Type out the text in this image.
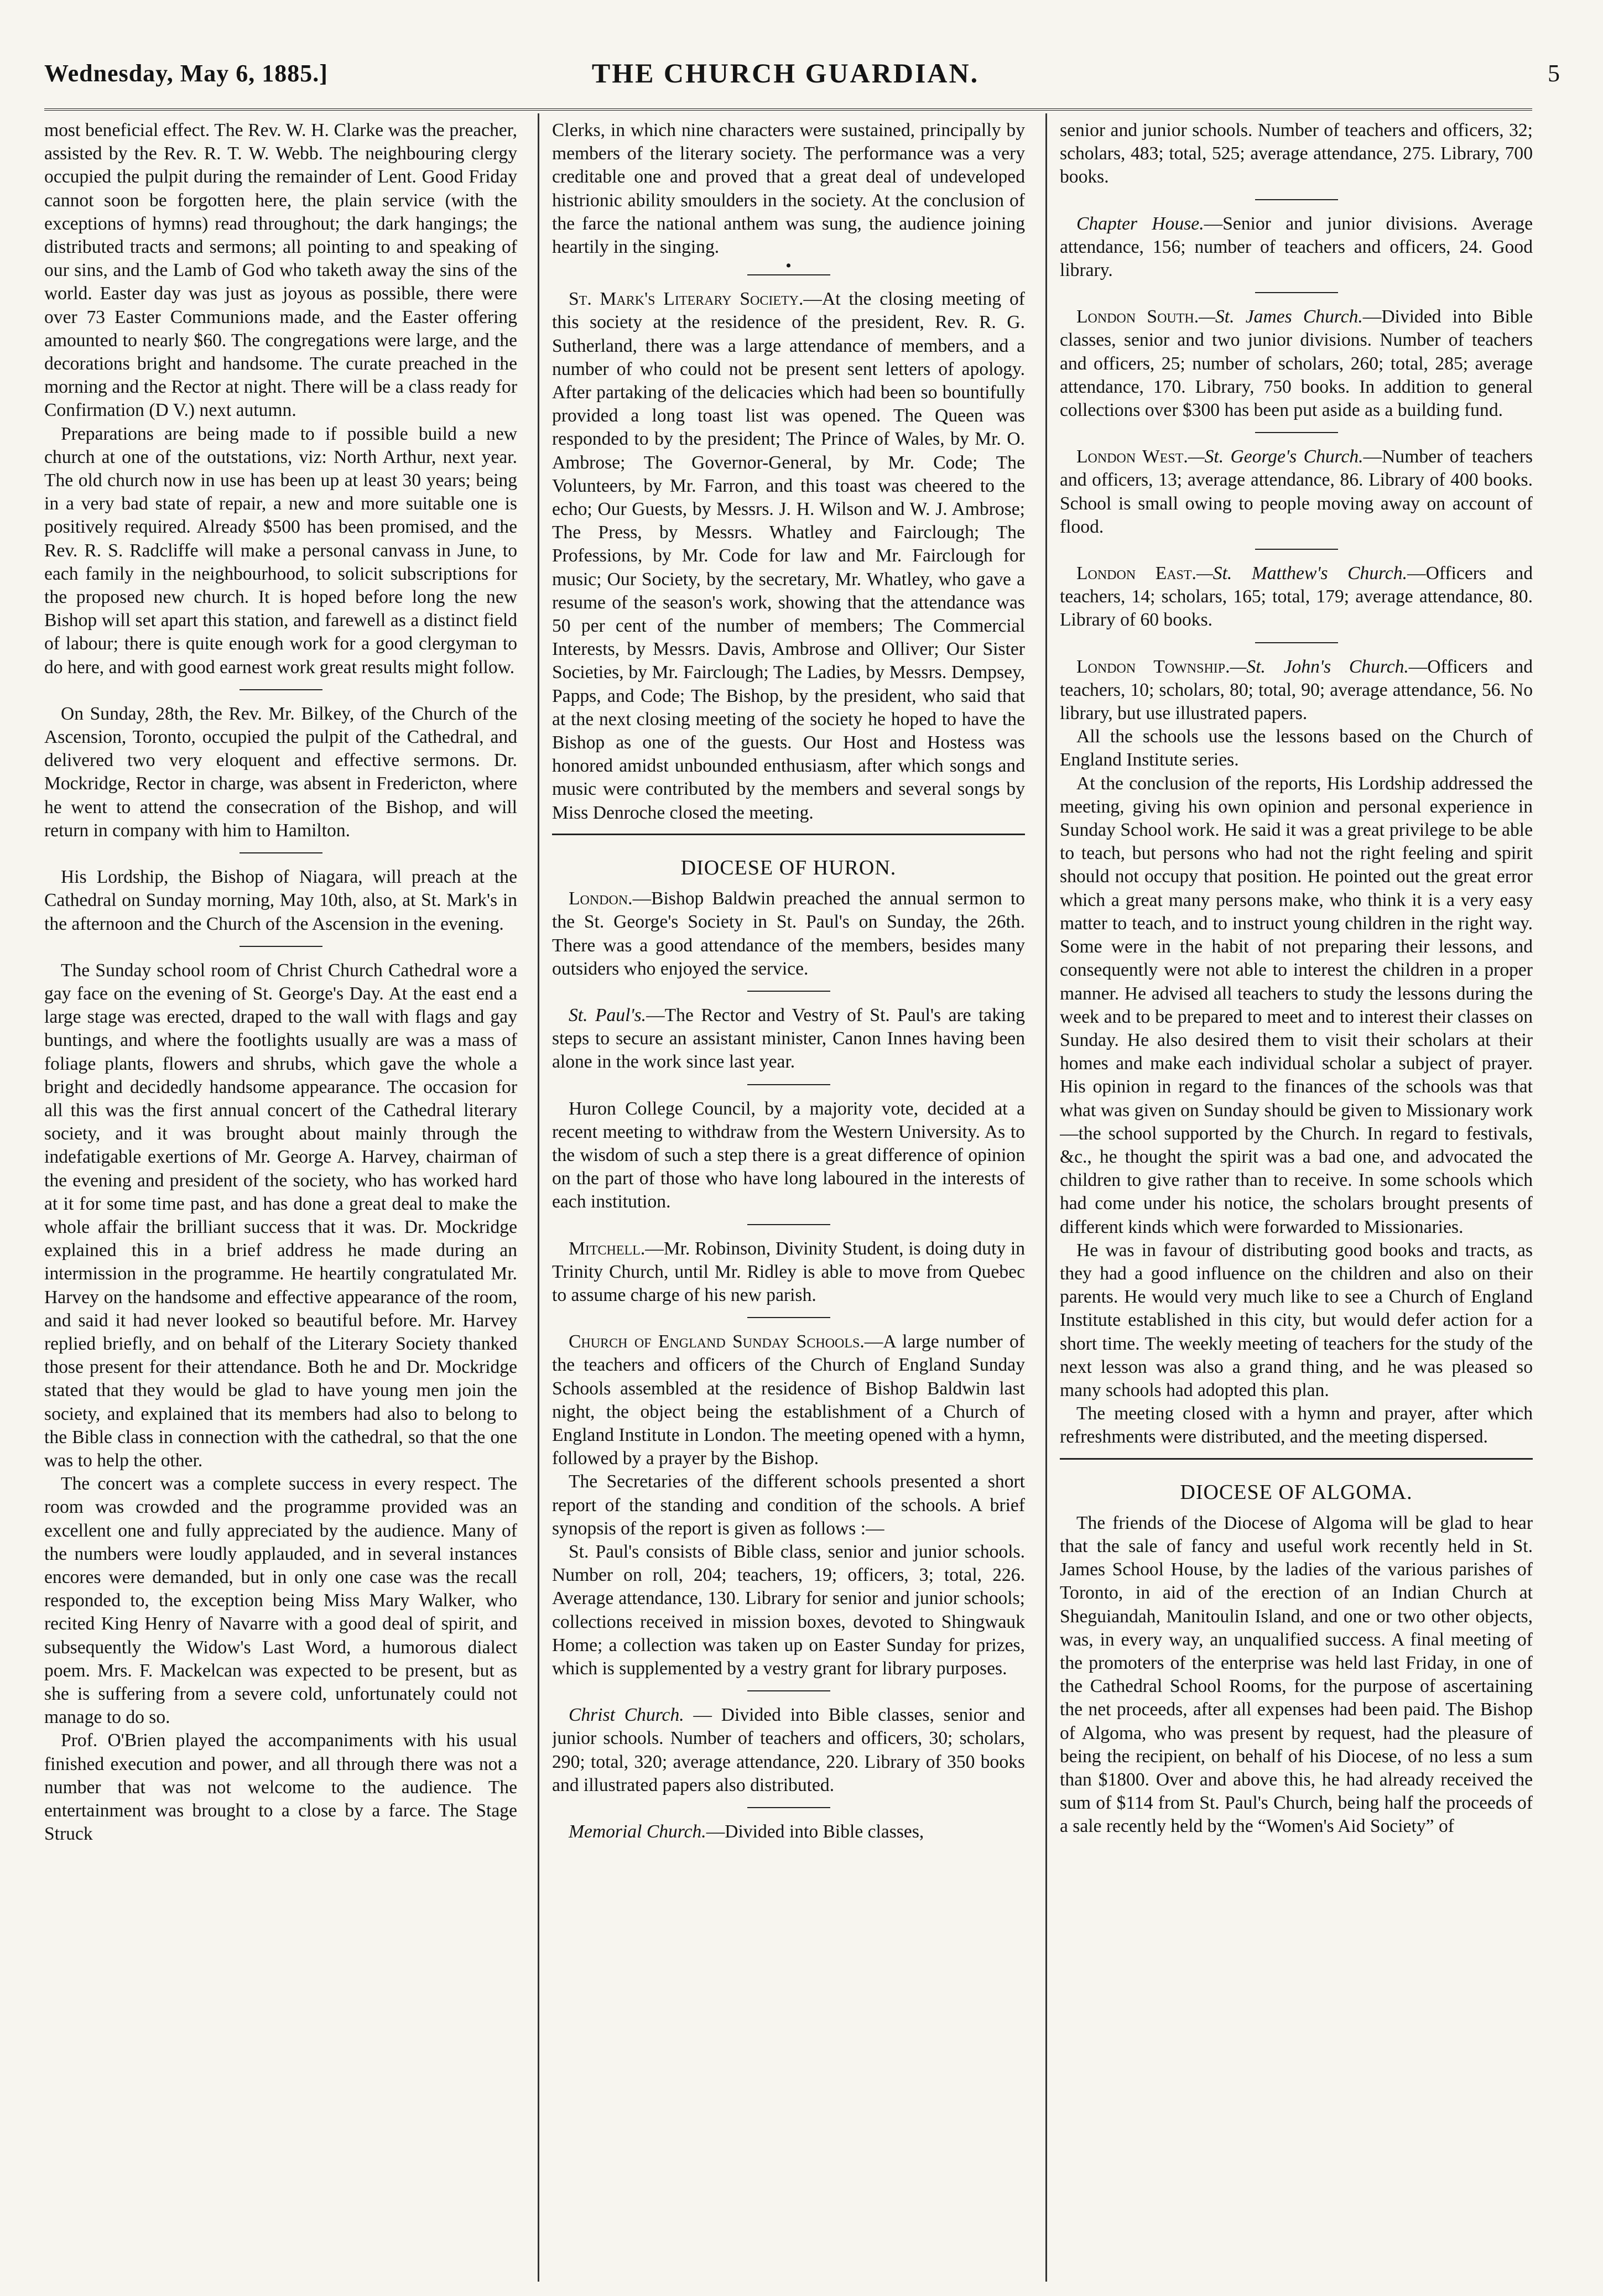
Wednesday, May 6, 1885.]	THE CHURCH GUARDIAN.	5

most beneficial effect. The Rev. W. H. Clarke was the preacher, assisted by the Rev. R. T. W. Webb. The neighbouring clergy occupied the pulpit during the remainder of Lent. Good Friday cannot soon be forgotten here, the plain service (with the exceptions of hymns) read throughout; the dark hangings; the distributed tracts and sermons; all pointing to and speaking of our sins, and the Lamb of God who taketh away the sins of the world. Easter day was just as joyous as possible, there were over 73 Easter Communions made, and the Easter offering amounted to nearly $60. The congregations were large, and the decorations bright and handsome. The curate preached in the morning and the Rector at night. There will be a class ready for Confirmation (D V.) next autumn.

Preparations are being made to if possible build a new church at one of the outstations, viz: North Arthur, next year. The old church now in use has been up at least 30 years; being in a very bad state of repair, a new and more suitable one is positively required. Already $500 has been promised, and the Rev. R. S. Radcliffe will make a personal canvass in June, to each family in the neighbourhood, to solicit subscriptions for the proposed new church. It is hoped before long the new Bishop will set apart this station, and farewell as a distinct field of labour; there is quite enough work for a good clergyman to do here, and with good earnest work great results might follow.

On Sunday, 28th, the Rev. Mr. Bilkey, of the Church of the Ascension, Toronto, occupied the pulpit of the Cathedral, and delivered two very eloquent and effective sermons. Dr. Mockridge, Rector in charge, was absent in Fredericton, where he went to attend the consecration of the Bishop, and will return in company with him to Hamilton.

His Lordship, the Bishop of Niagara, will preach at the Cathedral on Sunday morning, May 10th, also, at St. Mark's in the afternoon and the Church of the Ascension in the evening.

The Sunday school room of Christ Church Cathedral wore a gay face on the evening of St. George's Day. At the east end a large stage was erected, draped to the wall with flags and gay buntings, and where the footlights usually are was a mass of foliage plants, flowers and shrubs, which gave the whole a bright and decidedly handsome appearance. The occasion for all this was the first annual concert of the Cathedral literary society, and it was brought about mainly through the indefatigable exertions of Mr. George A. Harvey, chairman of the evening and president of the society, who has worked hard at it for some time past, and has done a great deal to make the whole affair the brilliant success that it was. Dr. Mockridge explained this in a brief address he made during an intermission in the programme. He heartily congratulated Mr. Harvey on the handsome and effective appearance of the room, and said it had never looked so beautiful before. Mr. Harvey replied briefly, and on behalf of the Literary Society thanked those present for their attendance. Both he and Dr. Mockridge stated that they would be glad to have young men join the society, and explained that its members had also to belong to the Bible class in connection with the cathedral, so that the one was to help the other.

The concert was a complete success in every respect. The room was crowded and the programme provided was an excellent one and fully appreciated by the audience. Many of the numbers were loudly applauded, and in several instances encores were demanded, but in only one case was the recall responded to, the exception being Miss Mary Walker, who recited King Henry of Navarre with a good deal of spirit, and subsequently the Widow's Last Word, a humorous dialect poem. Mrs. F. Mackelcan was expected to be present, but as she is suffering from a severe cold, unfortunately could not manage to do so.

Prof. O'Brien played the accompaniments with his usual finished execution and power, and all through there was not a number that was not welcome to the audience. The entertainment was brought to a close by a farce. The Stage Struck

Clerks, in which nine characters were sustained, principally by members of the literary society. The performance was a very creditable one and proved that a great deal of undeveloped histrionic ability smoulders in the society. At the conclusion of the farce the national anthem was sung, the audience joining heartily in the singing.

•

St. Mark's Literary Society.—At the closing meeting of this society at the residence of the president, Rev. R. G. Sutherland, there was a large attendance of members, and a number of who could not be present sent letters of apology. After partaking of the delicacies which had been so bountifully provided a long toast list was opened. The Queen was responded to by the president; The Prince of Wales, by Mr. O. Ambrose; The Governor-General, by Mr. Code; The Volunteers, by Mr. Farron, and this toast was cheered to the echo; Our Guests, by Messrs. J. H. Wilson and W. J. Ambrose; The Press, by Messrs. Whatley and Fairclough; The Professions, by Mr. Code for law and Mr. Fairclough for music; Our Society, by the secretary, Mr. Whatley, who gave a resume of the season's work, showing that the attendance was 50 per cent of the number of members; The Commercial Interests, by Messrs. Davis, Ambrose and Olliver; Our Sister Societies, by Mr. Fairclough; The Ladies, by Messrs. Dempsey, Papps, and Code; The Bishop, by the president, who said that at the next closing meeting of the society he hoped to have the Bishop as one of the guests. Our Host and Hostess was honored amidst unbounded enthusiasm, after which songs and music were contributed by the members and several songs by Miss Denroche closed the meeting.

DIOCESE OF HURON.

London.—Bishop Baldwin preached the annual sermon to the St. George's Society in St. Paul's on Sunday, the 26th. There was a good attendance of the members, besides many outsiders who enjoyed the service.

St. Paul's.—The Rector and Vestry of St. Paul's are taking steps to secure an assistant minister, Canon Innes having been alone in the work since last year.

Huron College Council, by a majority vote, decided at a recent meeting to withdraw from the Western University. As to the wisdom of such a step there is a great difference of opinion on the part of those who have long laboured in the interests of each institution.

Mitchell.—Mr. Robinson, Divinity Student, is doing duty in Trinity Church, until Mr. Ridley is able to move from Quebec to assume charge of his new parish.

Church of England Sunday Schools.—A large number of the teachers and officers of the Church of England Sunday Schools assembled at the residence of Bishop Baldwin last night, the object being the establishment of a Church of England Institute in London. The meeting opened with a hymn, followed by a prayer by the Bishop.

The Secretaries of the different schools presented a short report of the standing and condition of the schools. A brief synopsis of the report is given as follows :—

St. Paul's consists of Bible class, senior and junior schools. Number on roll, 204; teachers, 19; officers, 3; total, 226. Average attendance, 130. Library for senior and junior schools; collections received in mission boxes, devoted to Shingwauk Home; a collection was taken up on Easter Sunday for prizes, which is supplemented by a vestry grant for library purposes.

Christ Church. — Divided into Bible classes, senior and junior schools. Number of teachers and officers, 30; scholars, 290; total, 320; average attendance, 220. Library of 350 books and illustrated papers also distributed.

Memorial Church.—Divided into Bible classes,

senior and junior schools. Number of teachers and officers, 32; scholars, 483; total, 525; average attendance, 275. Library, 700 books.

Chapter House.—Senior and junior divisions. Average attendance, 156; number of teachers and officers, 24. Good library.

London South.—St. James Church.—Divided into Bible classes, senior and two junior divisions. Number of teachers and officers, 25; number of scholars, 260; total, 285; average attendance, 170. Library, 750 books. In addition to general collections over $300 has been put aside as a building fund.

London West.—St. George's Church.—Number of teachers and officers, 13; average attendance, 86. Library of 400 books. School is small owing to people moving away on account of flood.

London East.—St. Matthew's Church.—Officers and teachers, 14; scholars, 165; total, 179; average attendance, 80. Library of 60 books.

London Township.—St. John's Church.—Officers and teachers, 10; scholars, 80; total, 90; average attendance, 56. No library, but use illustrated papers.

All the schools use the lessons based on the Church of England Institute series.

At the conclusion of the reports, His Lordship addressed the meeting, giving his own opinion and personal experience in Sunday School work. He said it was a great privilege to be able to teach, but persons who had not the right feeling and spirit should not occupy that position. He pointed out the great error which a great many persons make, who think it is a very easy matter to teach, and to instruct young children in the right way. Some were in the habit of not preparing their lessons, and consequently were not able to interest the children in a proper manner. He advised all teachers to study the lessons during the week and to be prepared to meet and to interest their classes on Sunday. He also desired them to visit their scholars at their homes and make each individual scholar a subject of prayer. His opinion in regard to the finances of the schools was that what was given on Sunday should be given to Missionary work—the school supported by the Church. In regard to festivals, &c., he thought the spirit was a bad one, and advocated the children to give rather than to receive. In some schools which had come under his notice, the scholars brought presents of different kinds which were forwarded to Missionaries.

He was in favour of distributing good books and tracts, as they had a good influence on the children and also on their parents. He would very much like to see a Church of England Institute established in this city, but would defer action for a short time. The weekly meeting of teachers for the study of the next lesson was also a grand thing, and he was pleased so many schools had adopted this plan.

The meeting closed with a hymn and prayer, after which refreshments were distributed, and the meeting dispersed.

DIOCESE OF ALGOMA.

The friends of the Diocese of Algoma will be glad to hear that the sale of fancy and useful work recently held in St. James School House, by the ladies of the various parishes of Toronto, in aid of the erection of an Indian Church at Sheguiandah, Manitoulin Island, and one or two other objects, was, in every way, an unqualified success. A final meeting of the promoters of the enterprise was held last Friday, in one of the Cathedral School Rooms, for the purpose of ascertaining the net proceeds, after all expenses had been paid. The Bishop of Algoma, who was present by request, had the pleasure of being the recipient, on behalf of his Diocese, of no less a sum than $1800. Over and above this, he had already received the sum of $114 from St. Paul's Church, being half the proceeds of a sale recently held by the “Women's Aid Society” of
